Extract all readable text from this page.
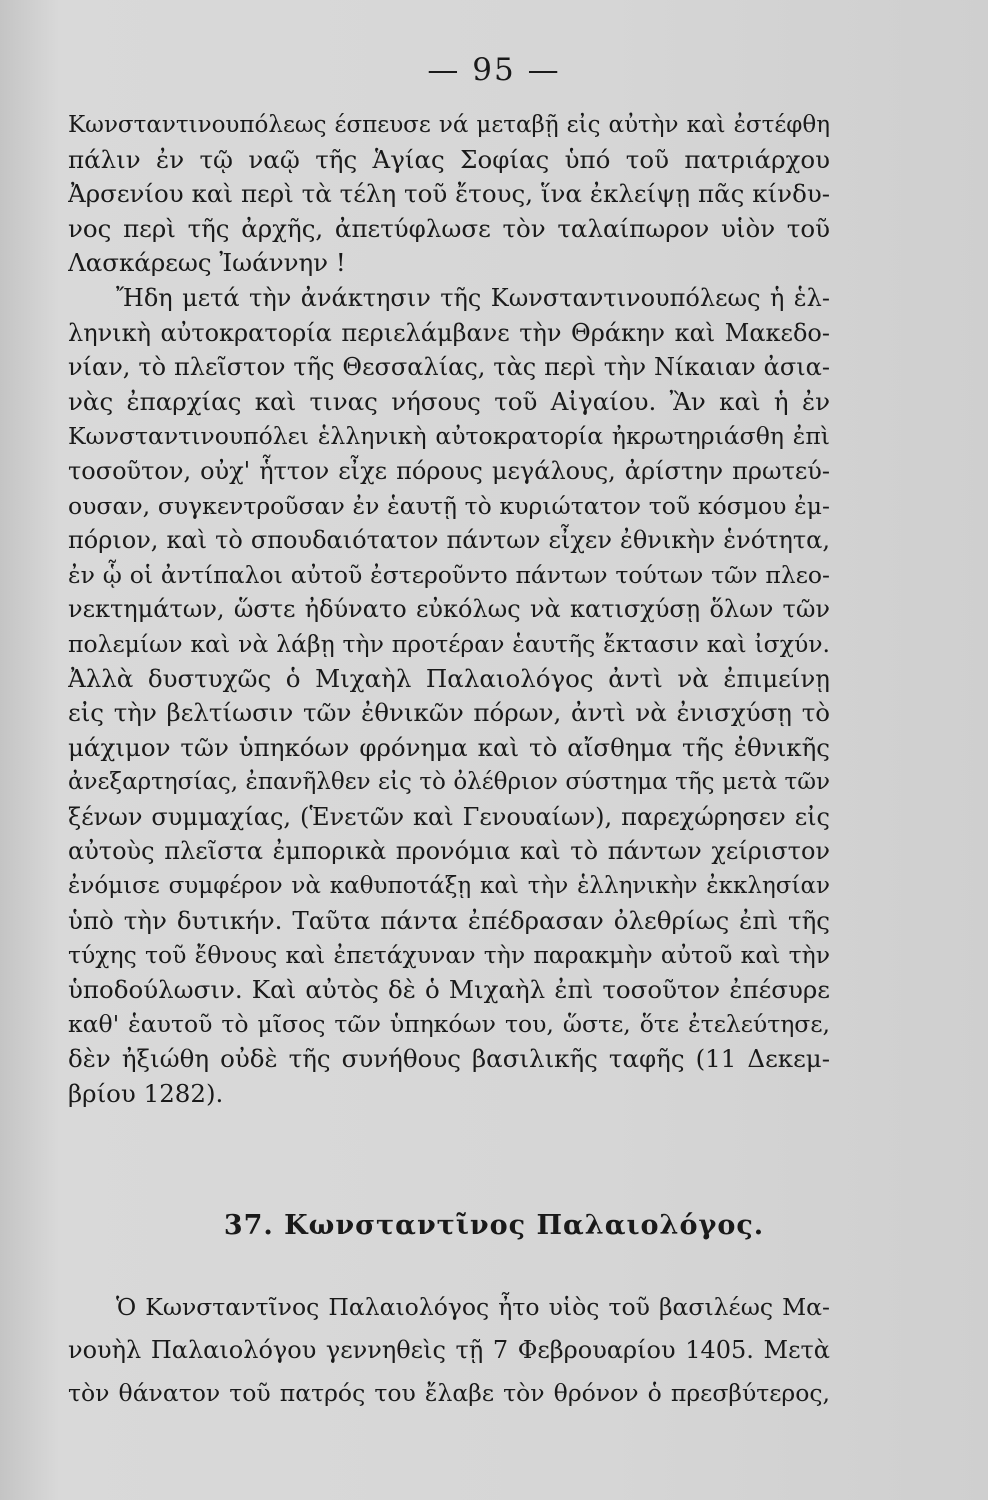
— 95 —
Κωνσταντινουπόλεως έσπευσε νά μεταβῇ εἰς αὐτὴν καὶ ἐστέφθη
πάλιν ἐν τῷ ναῷ τῆς Ἁγίας Σοφίας ὑπό τοῦ πατριάρχου
Ἀρσενίου καὶ περὶ τὰ τέλη τοῦ ἔτους, ἵνα ἐκλείψῃ πᾶς κίνδυ-
νος περὶ τῆς ἀρχῆς, ἀπετύφλωσε τὸν ταλαίπωρον υἱὸν τοῦ
Λασκάρεως Ἰωάννην !
Ἤδη μετά τὴν ἀνάκτησιν τῆς Κωνσταντινουπόλεως ἡ ἑλ-
ληνικὴ αὐτοκρατορία περιελάμβανε τὴν Θράκην καὶ Μακεδο-
νίαν, τὸ πλεῖστον τῆς Θεσσαλίας, τὰς περὶ τὴν Νίκαιαν ἀσια-
νὰς ἐπαρχίας καὶ τινας νήσους τοῦ Αἰγαίου. Ἂν καὶ ἡ ἐν
Κωνσταντινουπόλει ἑλληνικὴ αὐτοκρατορία ἠκρωτηριάσθη ἐπὶ
τοσοῦτον, οὐχ' ἧττον εἶχε πόρους μεγάλους, ἀρίστην πρωτεύ-
ουσαν, συγκεντροῦσαν ἐν ἑαυτῇ τὸ κυριώτατον τοῦ κόσμου ἐμ-
πόριον, καὶ τὸ σπουδαιότατον πάντων εἶχεν ἐθνικὴν ἑνότητα,
ἐν ᾧ οἱ ἀντίπαλοι αὐτοῦ ἐστεροῦντο πάντων τούτων τῶν πλεο-
νεκτημάτων, ὥστε ἠδύνατο εὐκόλως νὰ κατισχύσῃ ὅλων τῶν
πολεμίων καὶ νὰ λάβῃ τὴν προτέραν ἑαυτῆς ἔκτασιν καὶ ἰσχύν.
Ἀλλὰ δυστυχῶς ὁ Μιχαὴλ Παλαιολόγος ἀντὶ νὰ ἐπιμείνῃ
εἰς τὴν βελτίωσιν τῶν ἐθνικῶν πόρων, ἀντὶ νὰ ἐνισχύσῃ τὸ
μάχιμον τῶν ὑπηκόων φρόνημα καὶ τὸ αἴσθημα τῆς ἐθνικῆς
ἀνεξαρτησίας, ἐπανῆλθεν εἰς τὸ ὀλέθριον σύστημα τῆς μετὰ τῶν
ξένων συμμαχίας, (Ἑνετῶν καὶ Γενουαίων), παρεχώρησεν εἰς
αὐτοὺς πλεῖστα ἐμπορικὰ προνόμια καὶ τὸ πάντων χείριστον
ἐνόμισε συμφέρον νὰ καθυποτάξῃ καὶ τὴν ἑλληνικὴν ἐκκλησίαν
ὑπὸ τὴν δυτικήν. Ταῦτα πάντα ἐπέδρασαν ὀλεθρίως ἐπὶ τῆς
τύχης τοῦ ἔθνους καὶ ἐπετάχυναν τὴν παρακμὴν αὐτοῦ καὶ τὴν
ὑποδούλωσιν. Καὶ αὐτὸς δὲ ὁ Μιχαὴλ ἐπὶ τοσοῦτον ἐπέσυρε
καθ' ἑαυτοῦ τὸ μῖσος τῶν ὑπηκόων του, ὥστε, ὅτε ἐτελεύτησε,
δὲν ἠξιώθη οὐδὲ τῆς συνήθους βασιλικῆς ταφῆς (11 Δεκεμ-
βρίου 1282).
37. Κωνσταντῖνος Παλαιολόγος.
Ὁ Κωνσταντῖνος Παλαιολόγος ἦτο υἱὸς τοῦ βασιλέως Μα-
νουὴλ Παλαιολόγου γεννηθεὶς τῇ 7 Φεβρουαρίου 1405. Μετὰ
τὸν θάνατον τοῦ πατρός του ἔλαβε τὸν θρόνον ὁ πρεσβύτερος,
